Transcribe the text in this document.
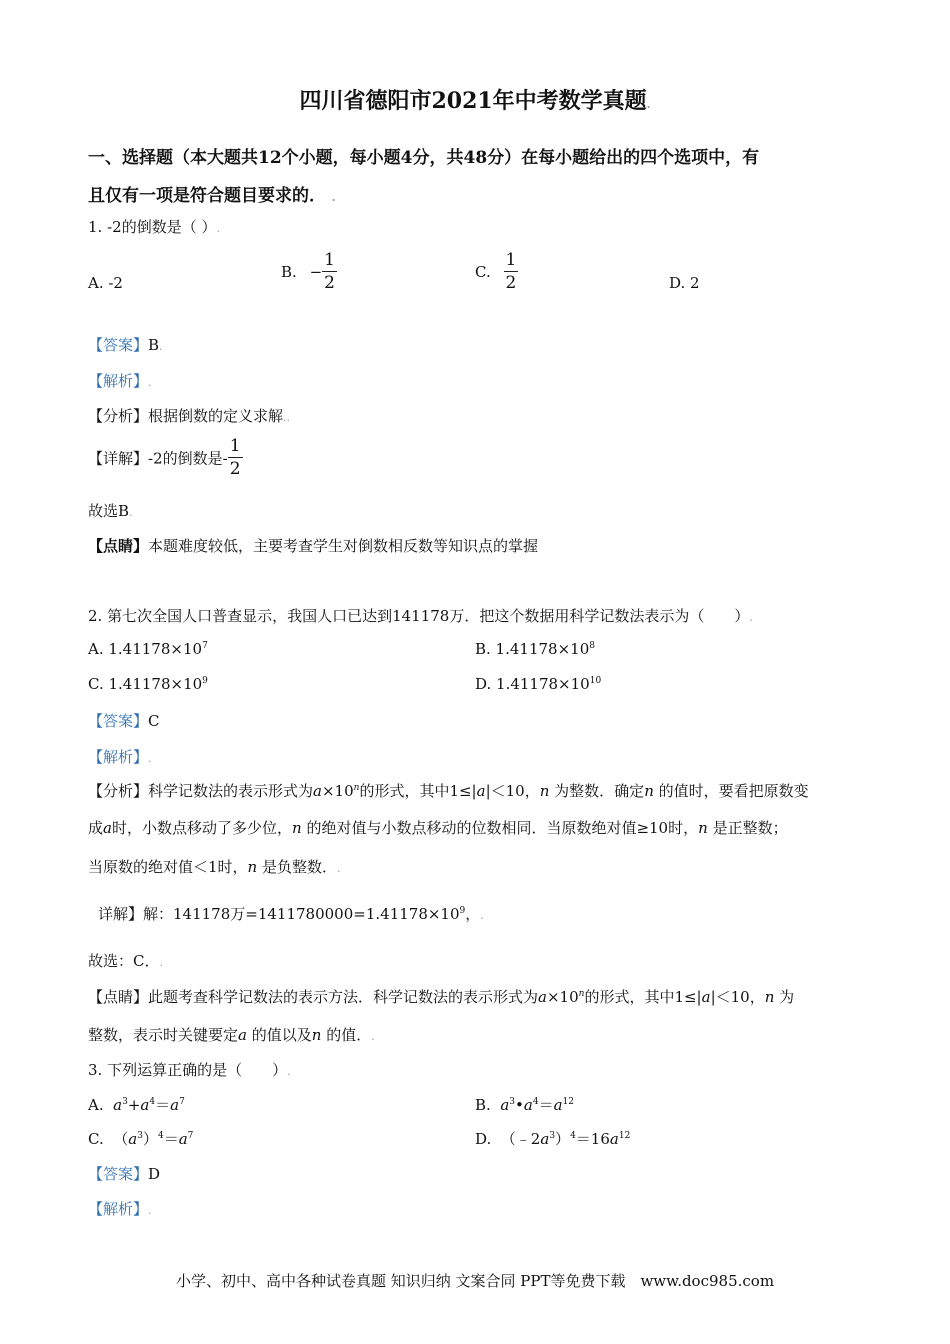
四川省德阳市2021年中考数学真题.
一、选择题（本大题共12个小题，每小题4分，共48分）在每小题给出的四个选项中，有
且仅有一项是符合题目要求的． .
1. -2的倒数是（ ）.
A. -2
B. − $\frac{1}{2}$	C. $\frac{1}{2}$	D. 2
【答案】B.
【解析】.
【分析】根据倒数的定义求解..
【详解】-2的倒数是- $\frac{1}{2}$
故选B.
【点睛】本题难度较低，主要考查学生对倒数相反数等知识点的掌握
2. 第七次全国人口普查显示，我国人口已达到141178万．把这个数据用科学记数法表示为（　　）.
A. $1.41178\times 10^7$	B. $1.41178\times 10^8$
C. $1.41178\times 10^9$	D. $1.41178\times 10^{10}$
【答案】C
【解析】.
【分析】科学记数法的表示形式为$a\times 10^n$的形式，其中1≤|a|＜10，n 为整数．确定n 的值时，要看把原数变
成a时，小数点移动了多少位，n 的绝对值与小数点移动的位数相同．当原数绝对值≥10时，n 是正整数；
当原数的绝对值＜1时，n 是负整数．.
详解】解：141178万$=1411780000=1.41178\times 10^9$，.
故选：C．.
【点睛】此题考查科学记数法的表示方法．科学记数法的表示形式为$a\times 10^n$的形式，其中1≤|a|＜10，n 为
整数，表示时关键要定a 的值以及n 的值．.
3. 下列运算正确的是（　　）.
A. $a^3+a^4=a^7$	B. $a^3•a^4=a^{12}$
C.  $(a^3)^4=a^7$	D.  $(﹣2a^3)^4=16a^{12}$
【答案】D
【解析】.
小学、初中、高中各种试卷真题 知识归纳 文案合同 PPT等免费下载　www.doc985.com
